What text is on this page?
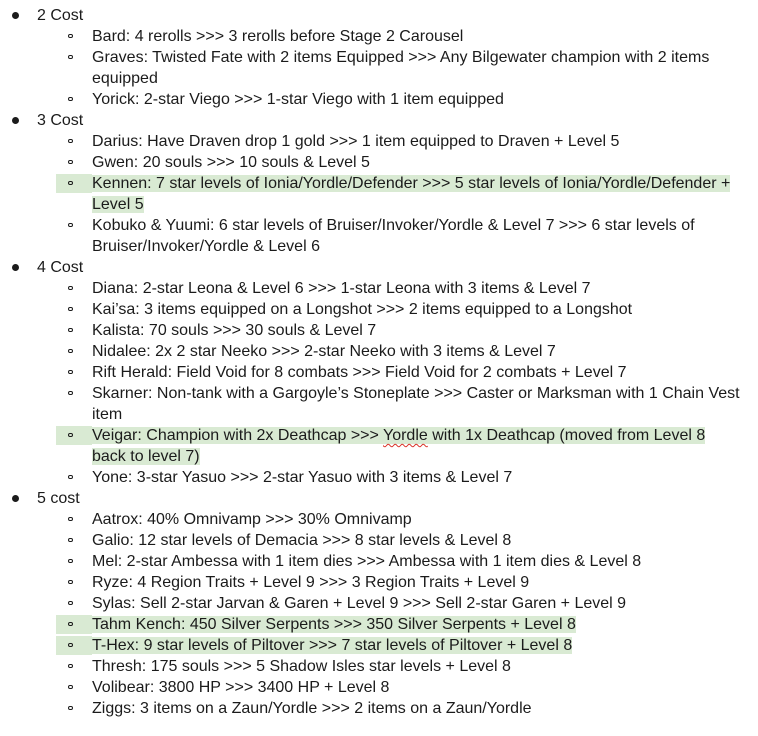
2 Cost
Bard: 4 rerolls >>> 3 rerolls before Stage 2 Carousel
Graves: Twisted Fate with 2 items Equipped >>> Any Bilgewater champion with 2 items equipped
Yorick: 2-star Viego >>> 1-star Viego with 1 item equipped
3 Cost
Darius: Have Draven drop 1 gold >>> 1 item equipped to Draven + Level 5
Gwen: 20 souls >>> 10 souls & Level 5
Kennen: 7 star levels of Ionia/Yordle/Defender >>> 5 star levels of Ionia/Yordle/Defender + Level 5
Kobuko & Yuumi: 6 star levels of Bruiser/Invoker/Yordle & Level 7 >>> 6 star levels of Bruiser/Invoker/Yordle & Level 6
4 Cost
Diana: 2-star Leona & Level 6 >>> 1-star Leona with 3 items & Level 7
Kai’sa: 3 items equipped on a Longshot >>> 2 items equipped to a Longshot
Kalista: 70 souls >>> 30 souls & Level 7
Nidalee: 2x 2 star Neeko >>> 2-star Neeko with 3 items & Level 7
Rift Herald: Field Void for 8 combats >>> Field Void for 2 combats + Level 7
Skarner: Non-tank with a Gargoyle’s Stoneplate >>> Caster or Marksman with 1 Chain Vest item
Veigar: Champion with 2x Deathcap >>> Yordle with 1x Deathcap (moved from Level 8 back to level 7)
Yone: 3-star Yasuo >>> 2-star Yasuo with 3 items & Level 7
5 cost
Aatrox: 40% Omnivamp >>> 30% Omnivamp
Galio: 12 star levels of Demacia >>> 8 star levels & Level 8
Mel: 2-star Ambessa with 1 item dies >>> Ambessa with 1 item dies & Level 8
Ryze: 4 Region Traits + Level 9 >>> 3 Region Traits + Level 9
Sylas: Sell 2-star Jarvan & Garen + Level 9 >>> Sell 2-star Garen + Level 9
Tahm Kench: 450 Silver Serpents >>> 350 Silver Serpents + Level 8
T-Hex: 9 star levels of Piltover >>> 7 star levels of Piltover + Level 8
Thresh: 175 souls >>> 5 Shadow Isles star levels + Level 8
Volibear: 3800 HP >>> 3400 HP + Level 8
Ziggs: 3 items on a Zaun/Yordle >>> 2 items on a Zaun/Yordle
